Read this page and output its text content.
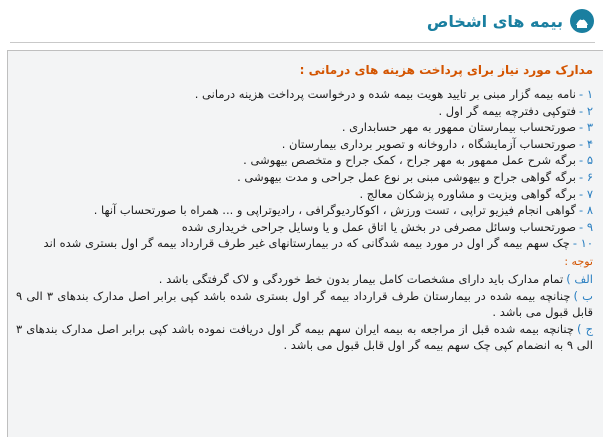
بیمه های اشخاص
مدارک مورد نیاز برای پرداخت هزینه های درمانی :
١ -نامه بیمه گزار مبنی بر تایید هویت بیمه شده و درخواست پرداخت هزینه درمانی .
٢ -فتوکپی دفترچه بیمه گر اول .
٣ -صورتحساب بیمارستان ممهور به مهر حسابداری .
۴ -صورتحساب آزمایشگاه ، داروخانه و تصویر برداری بیمارستان .
۵ -برگه شرح عمل ممهور به مهر جراح ، کمک جراح و متخصص بیهوشی .
۶ -برگه گواهی جراح و بیهوشی مبنی بر نوع عمل جراحی و مدت بیهوشی .
۷ -برگه گواهی ویزیت و مشاوره پزشکان معالج .
٨ -گواهی انجام فیزیو تراپی ، تست ورزش ، اکوکاردیوگرافی ، رادیوتراپی و ... همراه با صورتحساب آنها .
٩ -صورتحساب وسائل مصرفی در بخش یا اتاق عمل و یا وسایل جراحی خریداری شده
١٠ -چک سهم بیمه گر اول در مورد بیمه شدگانی که در بیمارستانهای غیر طرف قرارداد بیمه گر اول بستری شده اند
توجه :
الف )تمام مدارک باید دارای مشخصات کامل بیمار بدون خط خوردگی و لاک گرفتگی باشد .
ب )چنانچه بیمه شده در بیمارستان طرف قرارداد بیمه گر اول بستری شده باشد کپی برابر اصل مدارک بندهای ٣ الی ٩ قابل قبول می باشد .
ج )چنانچه بیمه شده قبل از مراجعه به بیمه ایران سهم بیمه گر اول دریافت نموده باشد کپی برابر اصل مدارک بندهای ٣ الی ٩ به انضمام کپی چک سهم بیمه گر اول قابل قبول می باشد .
